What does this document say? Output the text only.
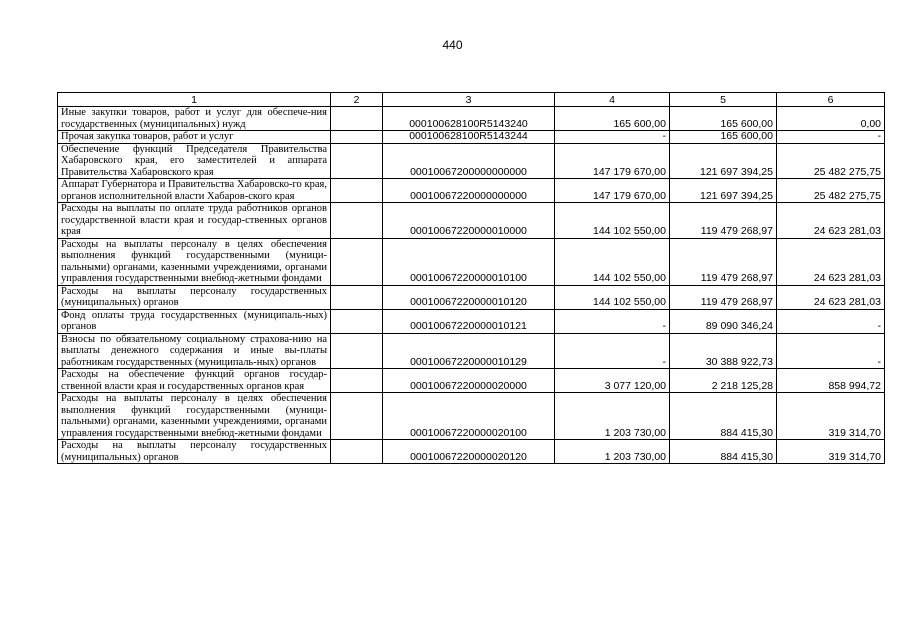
440
1	2	3	4	5	6
Иные закупки товаров, работ и услуг для обеспече-ния государственных (муниципальных) нужд		000100628100R5143240	165 600,00	165 600,00	0,00
Прочая закупка товаров, работ и услуг		000100628100R5143244	-	165 600,00	-
Обеспечение функций Председателя Правительства Хабаровского края, его заместителей и аппарата Правительства Хабаровского края		00010067200000000000	147 179 670,00	121 697 394,25	25 482 275,75
Аппарат Губернатора и Правительства Хабаровско-го края, органов исполнительной власти Хабаров-ского края		00010067220000000000	147 179 670,00	121 697 394,25	25 482 275,75
Расходы на выплаты по оплате труда работников органов государственной власти края и государ-ственных органов края		00010067220000010000	144 102 550,00	119 479 268,97	24 623 281,03
Расходы на выплаты персоналу в целях обеспечения выполнения функций государственными (муници-пальными) органами, казенными учреждениями, органами управления государственными внебюд-жетными фондами		00010067220000010100	144 102 550,00	119 479 268,97	24 623 281,03
Расходы на выплаты персоналу государственных (муниципальных) органов		00010067220000010120	144 102 550,00	119 479 268,97	24 623 281,03
Фонд оплаты труда государственных (муниципаль-ных) органов		00010067220000010121	-	89 090 346,24	-
Взносы по обязательному социальному страхова-нию на выплаты денежного содержания и иные вы-платы работникам государственных (муниципаль-ных) органов		00010067220000010129	-	30 388 922,73	-
Расходы на обеспечение функций органов государ-ственной власти края и государственных органов края		00010067220000020000	3 077 120,00	2 218 125,28	858 994,72
Расходы на выплаты персоналу в целях обеспечения выполнения функций государственными (муници-пальными) органами, казенными учреждениями, органами управления государственными внебюд-жетными фондами		00010067220000020100	1 203 730,00	884 415,30	319 314,70
Расходы на выплаты персоналу государственных (муниципальных) органов		00010067220000020120	1 203 730,00	884 415,30	319 314,70
